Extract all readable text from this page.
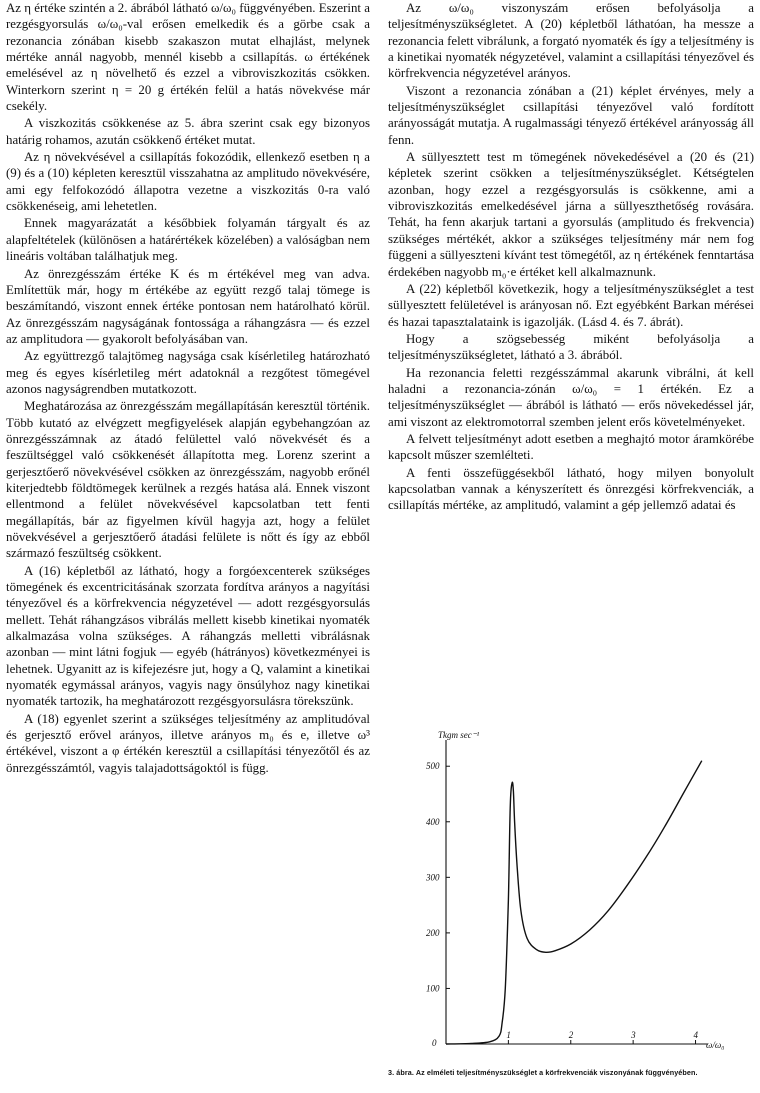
Az η értéke szintén a 2. ábrából látható ω/ω₀ függvényében. Eszerint a rezgésgyorsulás ω/ω₀-val erősen emelkedik és a görbe csak a rezonancia zónában kisebb szakaszon mutat elhajlást, melynek mértéke annál nagyobb, mennél kisebb a csillapítás. ω értékének emelésével az η növelhető és ezzel a vibroviszkozitás csökken. Winterkorn szerint η = 20 g értékén felül a hatás növekvése már csekély.

A viszkozitás csökkenése az 5. ábra szerint csak egy bizonyos határig rohamos, azután csökkenő értéket mutat.

Az η növekvésével a csillapítás fokozódik, ellenkező esetben η a (9) és a (10) képleten keresztül visszahatna az amplitudo növekvésére, ami egy felfokozódó állapotra vezetne a viszkozitás 0-ra való csökkenéseig, ami lehetetlen.

Ennek magyarázatát a későbbiek folyamán tárgyalt és az alapfeltételek (különösen a határértékek közelében) a valóságban nem lineáris voltában találhatjuk meg.

Az önrezgésszám értéke K és m értékével meg van adva. Említettük már, hogy m értékébe az együtt rezgő talaj tömege is beszámítandó, viszont ennek értéke pontosan nem határolható körül. Az önrezgésszám nagyságának fontossága a ráhangzásra — és ezzel az amplitudora — gyakorolt befolyásában van.

Az együttrezgő talajtömeg nagysága csak kísérletileg határozható meg és egyes kísérletileg mért adatoknál a rezgőtest tömegével azonos nagyságrendben mutatkozott.

Meghatározása az önrezgésszám megállapításán keresztül történik. Több kutató az elvégzett megfigyelések alapján egybehangzóan az önrezgésszámnak az átadó felülettel való növekvését és a feszültséggel való csökkenését állapította meg. Lorenz szerint a gerjesztőerő növekvésével csökken az önrezgésszám, nagyobb erőnél kiterjedtebb földtömegek kerülnek a rezgés hatása alá. Ennek viszont ellentmond a felület növekvésével kapcsolatban tett fenti megállapítás, bár az figyelmen kívül hagyja azt, hogy a felület növekvésével a gerjesztőerő átadási felülete is nőtt és így az ebből származó feszültség csökkent.

A (16) képletből az látható, hogy a forgóexcenterek szükséges tömegének és excentricitásának szorzata fordítva arányos a nagyítási tényezővel és a körfrekvencia négyzetével — adott rezgésgyorsulás mellett. Tehát ráhangzásos vibrálás mellett kisebb kinetikai nyomaték alkalmazása volna szükséges. A ráhangzás melletti vibrálásnak azonban — mint látni fogjuk — egyéb (hátrányos) következményei is lehetnek. Ugyanitt az is kifejezésre jut, hogy a Q, valamint a kinetikai nyomaték egymással arányos, vagyis nagy önsúlyhoz nagy kinetikai nyomaték tartozik, ha meghatározott rezgésgyorsulásra törekszünk.

A (18) egyenlet szerint a szükséges teljesítmény az amplitudóval és gerjesztő erővel arányos, illetve arányos m₀ és e, illetve ω³ értékével, viszont a φ értékén keresztül a csillapítási tényezőtől és az önrezgésszámtól, vagyis talajadottságoktól is függ.

Az ω/ω₀ viszonyszám erősen befolyásolja a teljesítményszükségletet. A (20) képletből láthatóan, ha messze a rezonancia felett vibrálunk, a forgató nyomaték és így a teljesítmény is a kinetikai nyomaték négyzetével, valamint a csillapítási tényezővel és körfrekvencia négyzetével arányos.

Viszont a rezonancia zónában a (21) képlet érvényes, mely a teljesítményszükséglet csillapítási tényezővel való fordított arányosságát mutatja. A rugalmassági tényező értékével arányosság áll fenn.

A süllyesztett test m tömegének növekedésével a (20 és (21) képletek szerint csökken a teljesítményszükséglet. Kétségtelen azonban, hogy ezzel a rezgésgyorsulás is csökkenne, ami a vibroviszkozitás emelkedésével járna a süllyeszthetőség rovására. Tehát, ha fenn akarjuk tartani a gyorsulás (amplitudo és frekvencia) szükséges mértékét, akkor a szükséges teljesítmény már nem fog függeni a süllyeszteni kívánt test tömegétől, az η értékének fenntartása érdekében nagyobb m₀·e értéket kell alkalmaznunk.

A (22) képletből következik, hogy a teljesítményszükséglet a test süllyesztett felületével is arányosan nő. Ezt egyébként Barkan mérései és hazai tapasztalataink is igazolják. (Lásd 4. és 7. ábrát).

Hogy a szögsebesség miként befolyásolja a teljesítményszükségletet, látható a 3. ábrából.

Ha rezonancia feletti rezgésszámmal akarunk vibrálni, át kell haladni a rezonancia-zónán ω/ω₀ = 1 értékén. Ez a teljesítményszükséglet — ábrából is látható — erős növekedéssel jár, ami viszont az elektromotorral szemben jelent erős követelményeket.

A felvett teljesítményt adott esetben a meghajtó motor áramkörébe kapcsolt műszer szemlélteti.

A fenti összefüggésekből látható, hogy milyen bonyolult kapcsolatban vannak a kényszerített és önrezgési körfrekvenciák, a csillapítás mértéke, az amplitudó, valamint a gép jellemző adatai és

Tkgm sec⁻¹
ω/ω₀
0
100
200
300
400
500
1	2	3	4
3. ábra. Az elméleti teljesítményszükséglet a körfrekvenciák viszonyának függvényében.
